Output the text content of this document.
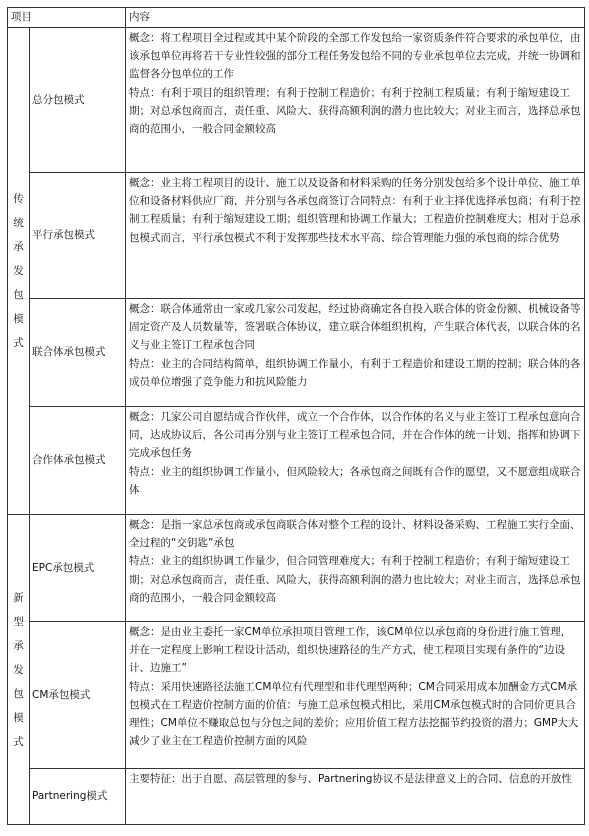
项目		内容

传统承发包模式	总分包模式	概念：将工程项目全过程或其中某个阶段的全部工作发包给一家资质条件符合要求的承包单位，由该承包单位再将若干专业性较强的部分工程任务发包给不同的专业承包单位去完成，并统一协调和监督各分包单位的工作
特点：有利于项目的组织管理；有利于控制工程造价；有利于控制工程质量；有利于缩短建设工期；对总承包商而言，责任重、风险大、获得高额利润的潜力也比较大；对业主而言，选择总承包商的范围小，一般合同金额较高

	平行承包模式	概念：业主将工程项目的设计、施工以及设备和材料采购的任务分别发包给多个设计单位、施工单位和设备材料供应厂商，并分别与各承包商签订合同特点：有利于业主择优选择承包商；有利于控制工程质量；有利于缩短建设工期；组织管理和协调工作量大；工程造价控制难度大；相对于总承包模式而言，平行承包模式不利于发挥那些技术水平高、综合管理能力强的承包商的综合优势

	联合体承包模式	概念：联合体通常由一家或几家公司发起，经过协商确定各自投入联合体的资金份额、机械设备等固定资产及人员数量等，签署联合体协议，建立联合体组织机构，产生联合体代表，以联合体的名义与业主签订工程承包合同
特点：业主的合同结构简单，组织协调工作量小，有利于工程造价和建设工期的控制；联合体的各成员单位增强了竞争能力和抗风险能力

	合作体承包模式	概念：几家公司自愿结成合作伙伴，成立一个合作体，以合作体的名义与业主签订工程承包意向合同，达成协议后，各公司再分别与业主签订工程承包合同，并在合作体的统一计划、指挥和协调下完成承包任务
特点：业主的组织协调工作量小，但风险较大；各承包商之间既有合作的愿望，又不愿意组成联合体

新型承发包模式	EPC承包模式	概念：是指一家总承包商或承包商联合体对整个工程的设计、材料设备采购、工程施工实行全面、全过程的“交钥匙”承包
特点：业主的组织协调工作量少，但合同管理难度大；有利于控制工程造价；有利于缩短建设工期；对总承包商而言，责任重、风险大，获得高额利润的潜力也比较大；对业主而言，选择总承包商的范围小，一般合同金额较高

	CM承包模式	概念：是由业主委托一家CM单位承担项目管理工作，该CM单位以承包商的身份进行施工管理，并在一定程度上影响工程设计活动，组织快速路径的生产方式，使工程项目实现有条件的“边设计、边施工”
特点：采用快速路径法施工CM单位有代理型和非代理型两种；CM合同采用成本加酬金方式CM承包模式在工程造价控制方面的价值：与施工总承包模式相比，采用CM承包模式时的合同价更具合理性；CM单位不赚取总包与分包之间的差价；应用价值工程方法挖掘节约投资的潜力；GMP大大减少了业主在工程造价控制方面的风险

	Partnering模式	主要特征：出于自愿、高层管理的参与、Partnering协议不是法律意义上的合同、信息的开放性
